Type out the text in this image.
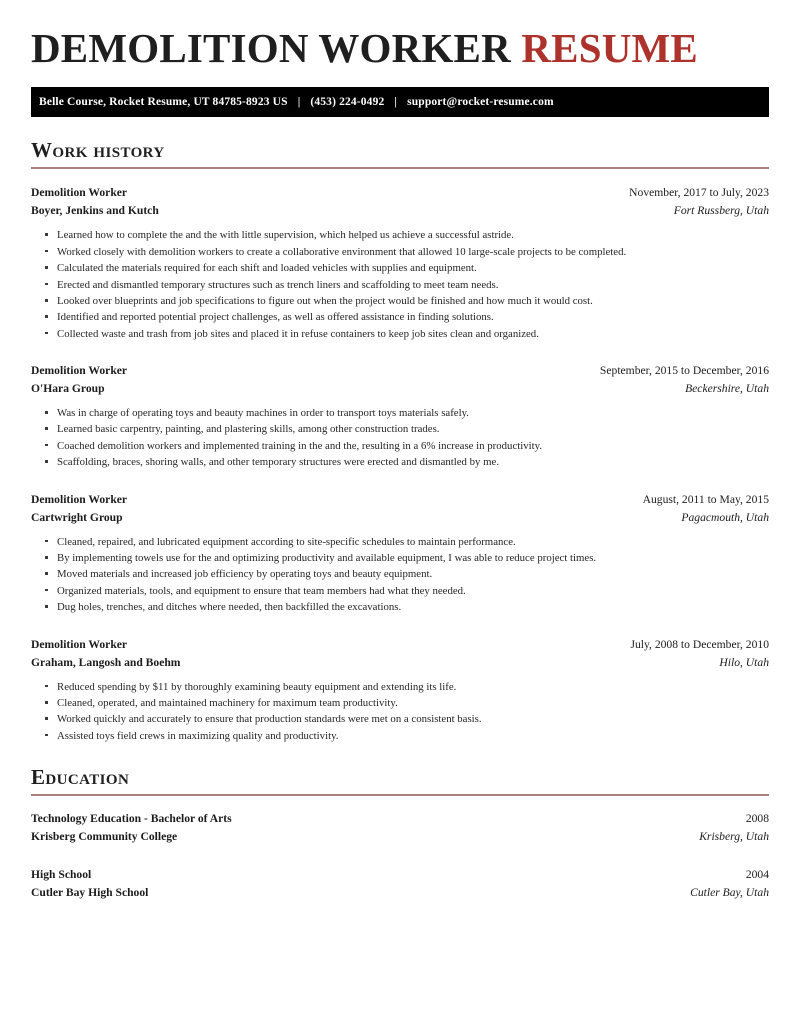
DEMOLITION WORKER RESUME
Belle Course, Rocket Resume, UT 84785-8923 US | (453) 224-0492 | support@rocket-resume.com
Work history
Demolition Worker	November, 2017 to July, 2023
Boyer, Jenkins and Kutch	Fort Russberg, Utah
Learned how to complete the and the with little supervision, which helped us achieve a successful astride.
Worked closely with demolition workers to create a collaborative environment that allowed 10 large-scale projects to be completed.
Calculated the materials required for each shift and loaded vehicles with supplies and equipment.
Erected and dismantled temporary structures such as trench liners and scaffolding to meet team needs.
Looked over blueprints and job specifications to figure out when the project would be finished and how much it would cost.
Identified and reported potential project challenges, as well as offered assistance in finding solutions.
Collected waste and trash from job sites and placed it in refuse containers to keep job sites clean and organized.
Demolition Worker	September, 2015 to December, 2016
O'Hara Group	Beckershire, Utah
Was in charge of operating toys and beauty machines in order to transport toys materials safely.
Learned basic carpentry, painting, and plastering skills, among other construction trades.
Coached demolition workers and implemented training in the and the, resulting in a 6% increase in productivity.
Scaffolding, braces, shoring walls, and other temporary structures were erected and dismantled by me.
Demolition Worker	August, 2011 to May, 2015
Cartwright Group	Pagacmouth, Utah
Cleaned, repaired, and lubricated equipment according to site-specific schedules to maintain performance.
By implementing towels use for the and optimizing productivity and available equipment, I was able to reduce project times.
Moved materials and increased job efficiency by operating toys and beauty equipment.
Organized materials, tools, and equipment to ensure that team members had what they needed.
Dug holes, trenches, and ditches where needed, then backfilled the excavations.
Demolition Worker	July, 2008 to December, 2010
Graham, Langosh and Boehm	Hilo, Utah
Reduced spending by $11 by thoroughly examining beauty equipment and extending its life.
Cleaned, operated, and maintained machinery for maximum team productivity.
Worked quickly and accurately to ensure that production standards were met on a consistent basis.
Assisted toys field crews in maximizing quality and productivity.
Education
Technology Education - Bachelor of Arts	2008
Krisberg Community College	Krisberg, Utah
High School	2004
Cutler Bay High School	Cutler Bay, Utah
